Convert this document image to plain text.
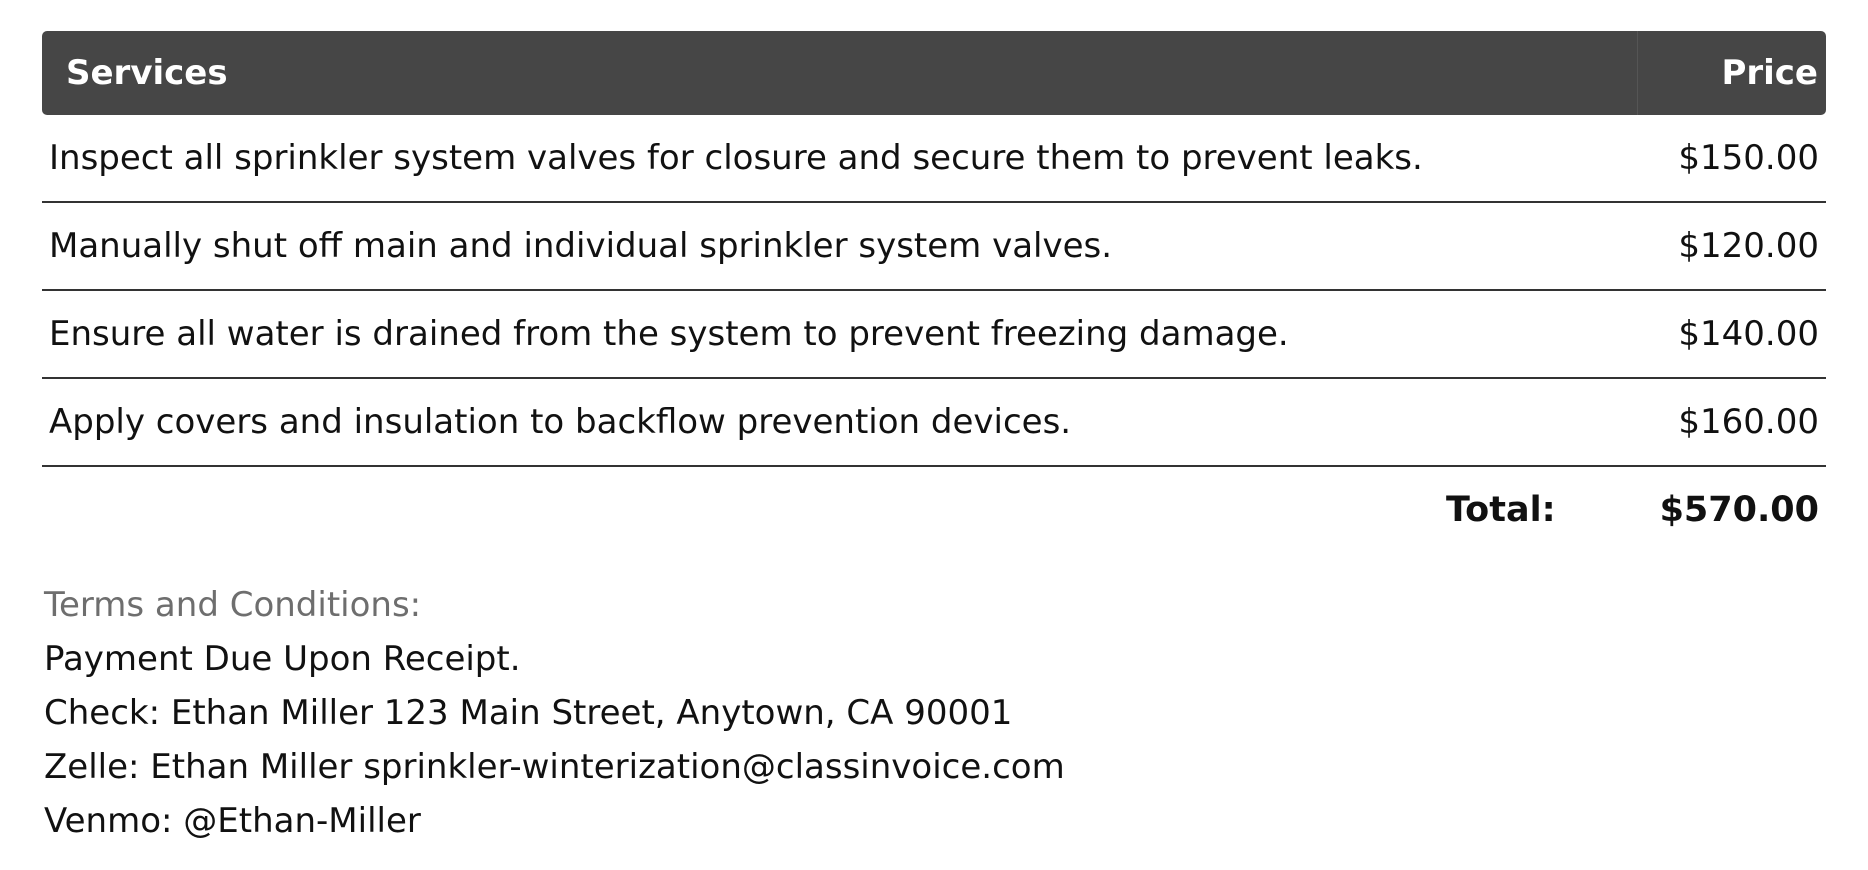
Services	Price
Inspect all sprinkler system valves for closure and secure them to prevent leaks.	$150.00
Manually shut off main and individual sprinkler system valves.	$120.00
Ensure all water is drained from the system to prevent freezing damage.	$140.00
Apply covers and insulation to backflow prevention devices.	$160.00
Total:	$570.00
Terms and Conditions:
Payment Due Upon Receipt.
Check: Ethan Miller 123 Main Street, Anytown, CA 90001
Zelle: Ethan Miller sprinkler-winterization@classinvoice.com
Venmo: @Ethan-Miller
